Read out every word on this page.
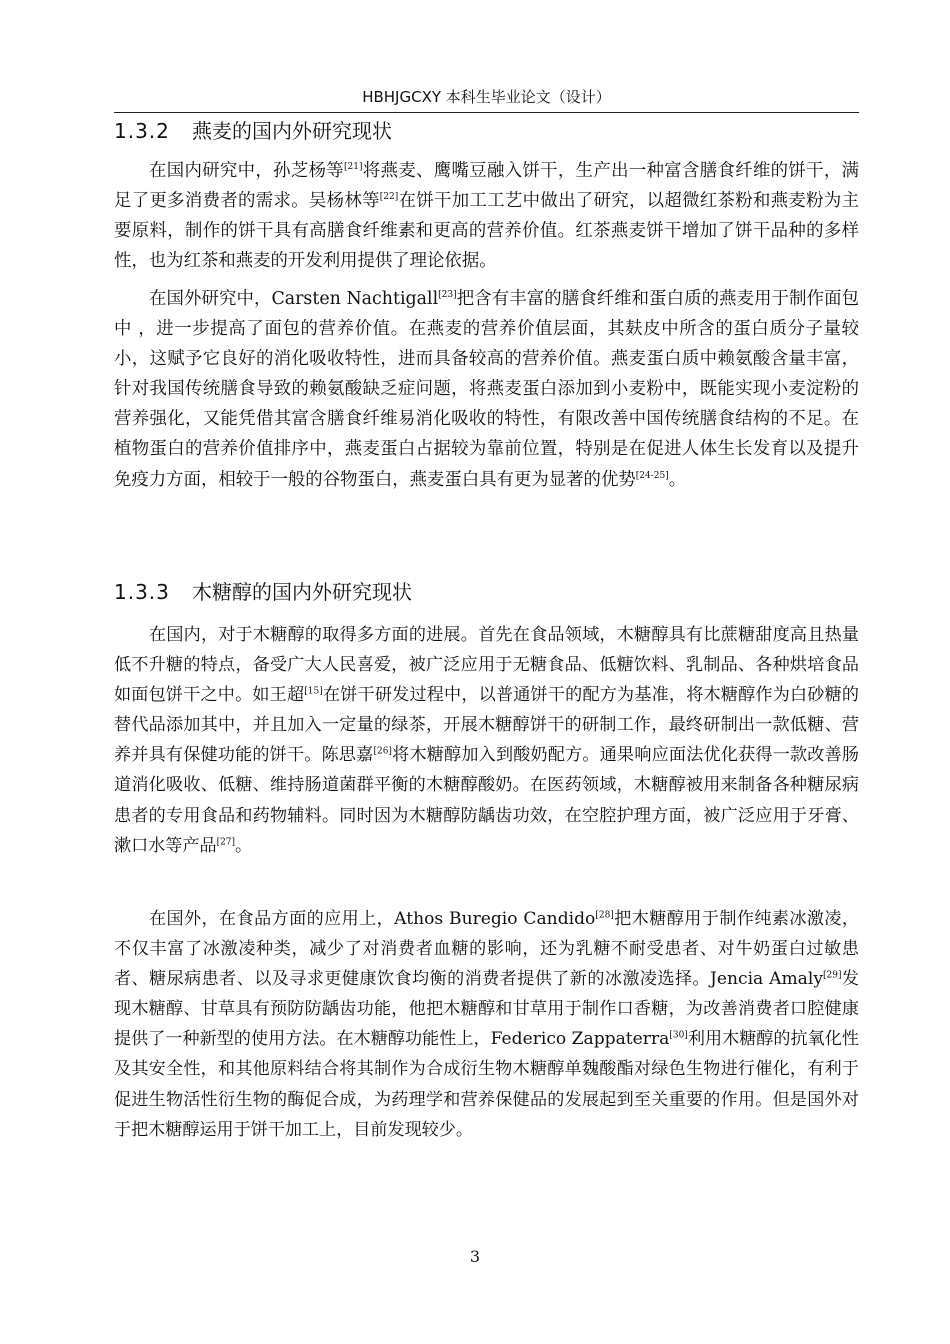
HBHJGCXY 本科生毕业论文（设计）
1.3.2 燕麦的国内外研究现状

在国内研究中，孙芝杨等[21]将燕麦、鹰嘴豆融入饼干，生产出一种富含膳食纤维的饼干，满足了更多消费者的需求。吴杨林等[22]在饼干加工工艺中做出了研究，以超微红茶粉和燕麦粉为主要原料，制作的饼干具有高膳食纤维素和更高的营养价值。红茶燕麦饼干增加了饼干品种的多样性，也为红茶和燕麦的开发利用提供了理论依据。

在国外研究中，Carsten Nachtigall[23]把含有丰富的膳食纤维和蛋白质的燕麦用于制作面包中 ，进一步提高了面包的营养价值。在燕麦的营养价值层面，其麸皮中所含的蛋白质分子量较小，这赋予它良好的消化吸收特性，进而具备较高的营养价值。燕麦蛋白质中赖氨酸含量丰富，针对我国传统膳食导致的赖氨酸缺乏症问题，将燕麦蛋白添加到小麦粉中，既能实现小麦淀粉的营养强化，又能凭借其富含膳食纤维易消化吸收的特性，有限改善中国传统膳食结构的不足。在植物蛋白的营养价值排序中，燕麦蛋白占据较为靠前位置，特别是在促进人体生长发育以及提升免疫力方面，相较于一般的谷物蛋白，燕麦蛋白具有更为显著的优势[24-25]。

1.3.3 木糖醇的国内外研究现状

在国内，对于木糖醇的取得多方面的进展。首先在食品领域，木糖醇具有比蔗糖甜度高且热量低不升糖的特点，备受广大人民喜爱，被广泛应用于无糖食品、低糖饮料、乳制品、各种烘培食品如面包饼干之中。如王超[15]在饼干研发过程中，以普通饼干的配方为基准，将木糖醇作为白砂糖的替代品添加其中，并且加入一定量的绿茶，开展木糖醇饼干的研制工作，最终研制出一款低糖、营养并具有保健功能的饼干。陈思嘉[26]将木糖醇加入到酸奶配方。通果响应面法优化获得一款改善肠道消化吸收、低糖、维持肠道菌群平衡的木糖醇酸奶。在医药领域，木糖醇被用来制备各种糖尿病患者的专用食品和药物辅料。同时因为木糖醇防龋齿功效，在空腔护理方面，被广泛应用于牙膏、漱口水等产品[27]。

在国外，在食品方面的应用上，Athos Buregio Candido[28]把木糖醇用于制作纯素冰激凌，不仅丰富了冰激凌种类，减少了对消费者血糖的影响，还为乳糖不耐受患者、对牛奶蛋白过敏患者、糖尿病患者、以及寻求更健康饮食均衡的消费者提供了新的冰激凌选择。Jencia Amaly[29]发现木糖醇、甘草具有预防防龋齿功能，他把木糖醇和甘草用于制作口香糖，为改善消费者口腔健康提供了一种新型的使用方法。在木糖醇功能性上，Federico Zappaterra[30]利用木糖醇的抗氧化性及其安全性，和其他原料结合将其制作为合成衍生物木糖醇单魏酸酯对绿色生物进行催化，有利于促进生物活性衍生物的酶促合成，为药理学和营养保健品的发展起到至关重要的作用。但是国外对于把木糖醇运用于饼干加工上，目前发现较少。

3
